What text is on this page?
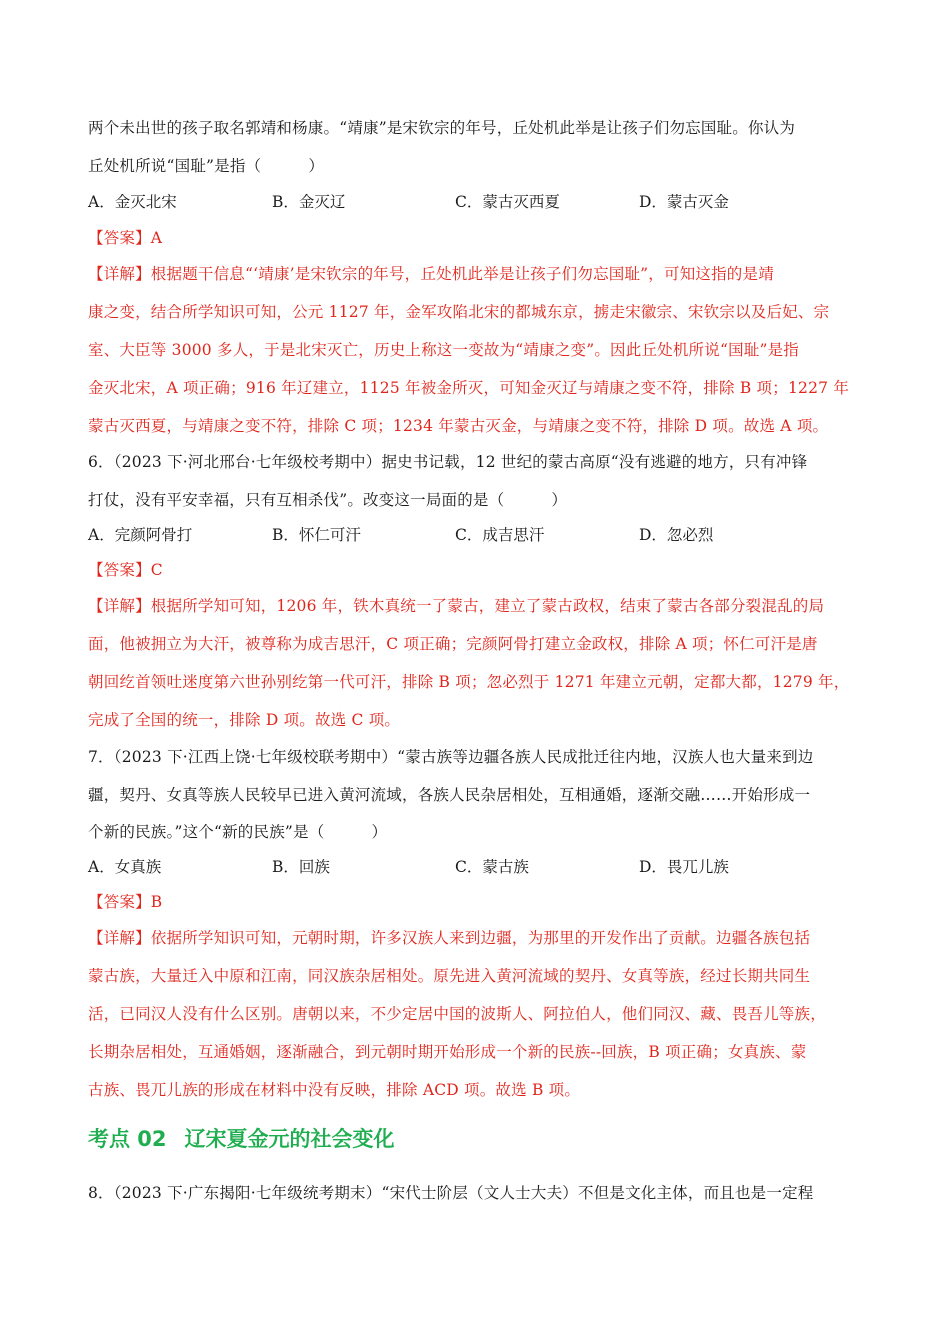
两个未出世的孩子取名郭靖和杨康。“靖康”是宋钦宗的年号，丘处机此举是让孩子们勿忘国耻。你认为
丘处机所说“国耻”是指（　　　）
A．金灭北宋	B．金灭辽	C．蒙古灭西夏	D．蒙古灭金
【答案】A
【详解】根据题干信息“‘靖康’是宋钦宗的年号，丘处机此举是让孩子们勿忘国耻”，可知这指的是靖
康之变，结合所学知识可知，公元 1127 年，金军攻陷北宋的都城东京，掳走宋徽宗、宋钦宗以及后妃、宗
室、大臣等 3000 多人，于是北宋灭亡，历史上称这一变故为“靖康之变”。因此丘处机所说“国耻”是指
金灭北宋，A 项正确；916 年辽建立，1125 年被金所灭，可知金灭辽与靖康之变不符，排除 B 项；1227 年
蒙古灭西夏，与靖康之变不符，排除 C 项；1234 年蒙古灭金，与靖康之变不符，排除 D 项。故选 A 项。
6．（2023 下·河北邢台·七年级校考期中）据史书记载，12 世纪的蒙古高原“没有逃避的地方，只有冲锋
打仗，没有平安幸福，只有互相杀伐”。改变这一局面的是（　　　）
A．完颜阿骨打	B．怀仁可汗	C．成吉思汗	D．忽必烈
【答案】C
【详解】根据所学知可知，1206 年，铁木真统一了蒙古，建立了蒙古政权，结束了蒙古各部分裂混乱的局
面，他被拥立为大汗，被尊称为成吉思汗，C 项正确；完颜阿骨打建立金政权，排除 A 项；怀仁可汗是唐
朝回纥首领吐迷度第六世孙别纥第一代可汗，排除 B 项；忽必烈于 1271 年建立元朝，定都大都，1279 年，
完成了全国的统一，排除 D 项。故选 C 项。
7．（2023 下·江西上饶·七年级校联考期中）“蒙古族等边疆各族人民成批迁往内地，汉族人也大量来到边
疆，契丹、女真等族人民较早已进入黄河流域，各族人民杂居相处，互相通婚，逐渐交融……开始形成一
个新的民族。”这个“新的民族”是（　　　）
A．女真族	B．回族	C．蒙古族	D．畏兀儿族
【答案】B
【详解】依据所学知识可知，元朝时期，许多汉族人来到边疆，为那里的开发作出了贡献。边疆各族包括
蒙古族，大量迁入中原和江南，同汉族杂居相处。原先进入黄河流域的契丹、女真等族，经过长期共同生
活，已同汉人没有什么区别。唐朝以来，不少定居中国的波斯人、阿拉伯人，他们同汉、藏、畏吾儿等族，
长期杂居相处，互通婚姻，逐渐融合，到元朝时期开始形成一个新的民族--回族，B 项正确；女真族、蒙
古族、畏兀儿族的形成在材料中没有反映，排除 ACD 项。故选 B 项。
考点 02 辽宋夏金元的社会变化
8．（2023 下·广东揭阳·七年级统考期末）“宋代士阶层（文人士大夫）不但是文化主体，而且也是一定程
